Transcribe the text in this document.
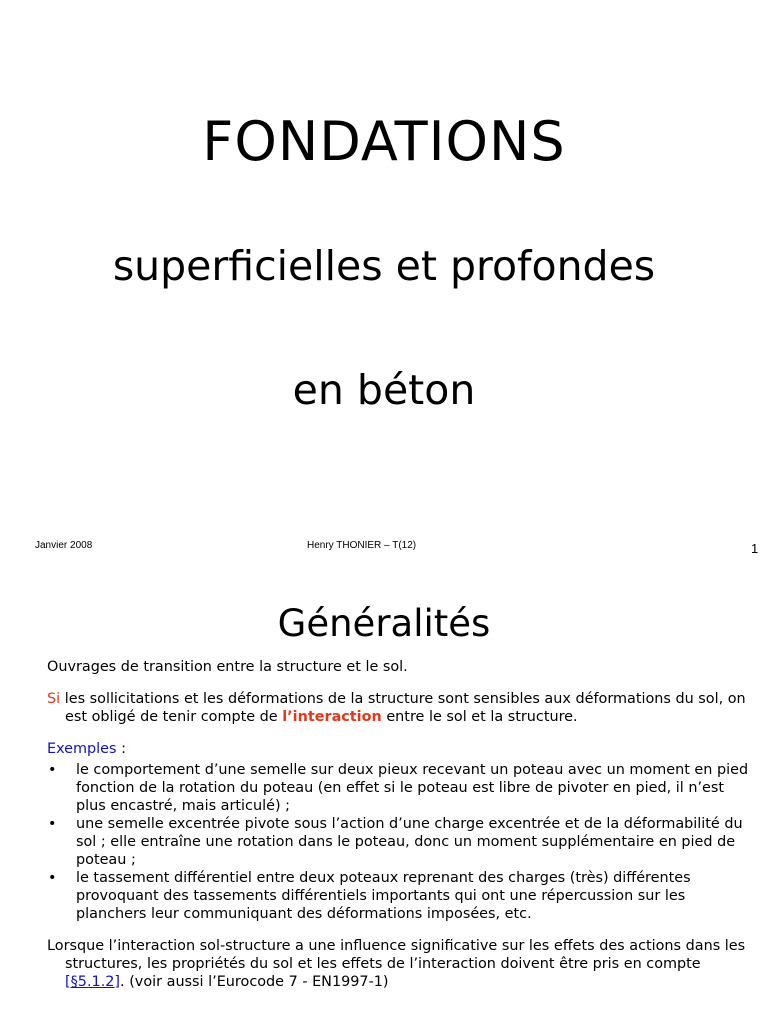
FONDATIONS
superficielles et profondes
en béton
Janvier 2008	Henry THONIER – T(12)	1
Généralités

Ouvrages de transition entre la structure et le sol.

Si les sollicitations et les déformations de la structure sont sensibles aux déformations du sol, on est obligé de tenir compte de l’interaction entre le sol et la structure.

Exemples :

• le comportement d’une semelle sur deux pieux recevant un poteau avec un moment en pied fonction de la rotation du poteau (en effet si le poteau est libre de pivoter en pied, il n’est plus encastré, mais articulé) ;
• une semelle excentrée pivote sous l’action d’une charge excentrée et de la déformabilité du sol ; elle entraîne une rotation dans le poteau, donc un moment supplémentaire en pied de poteau ;
• le tassement différentiel entre deux poteaux reprenant des charges (très) différentes provoquant des tassements différentiels importants qui ont une répercussion sur les planchers leur communiquant des déformations imposées, etc.

Lorsque l’interaction sol-structure a une influence significative sur les effets des actions dans les structures, les propriétés du sol et les effets de l’interaction doivent être pris en compte [§5.1.2]. (voir aussi l’Eurocode 7 - EN1997-1)
